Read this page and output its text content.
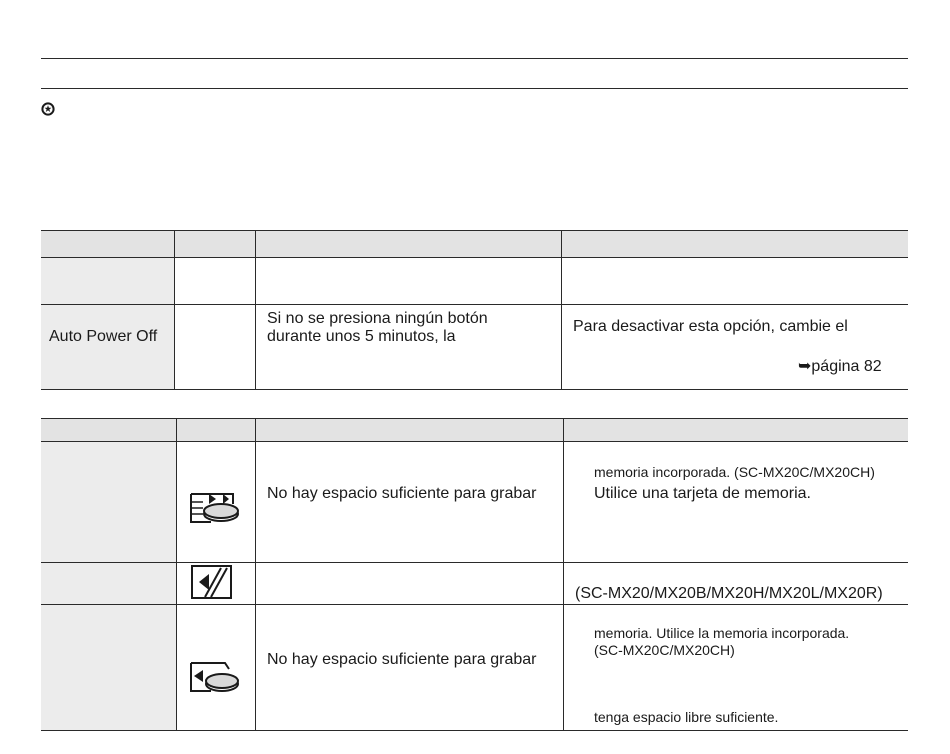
Auto Power Off
Si no se presiona ningún botón
durante unos 5 minutos, la
Para desactivar esta opción, cambie el
➥página 82
No hay espacio suficiente para grabar
memoria incorporada. (SC-MX20C/MX20CH)
Utilice una tarjeta de memoria.
(SC-MX20/MX20B/MX20H/MX20L/MX20R)
No hay espacio suficiente para grabar
memoria. Utilice la memoria incorporada.
(SC-MX20C/MX20CH)
tenga espacio libre suficiente.
